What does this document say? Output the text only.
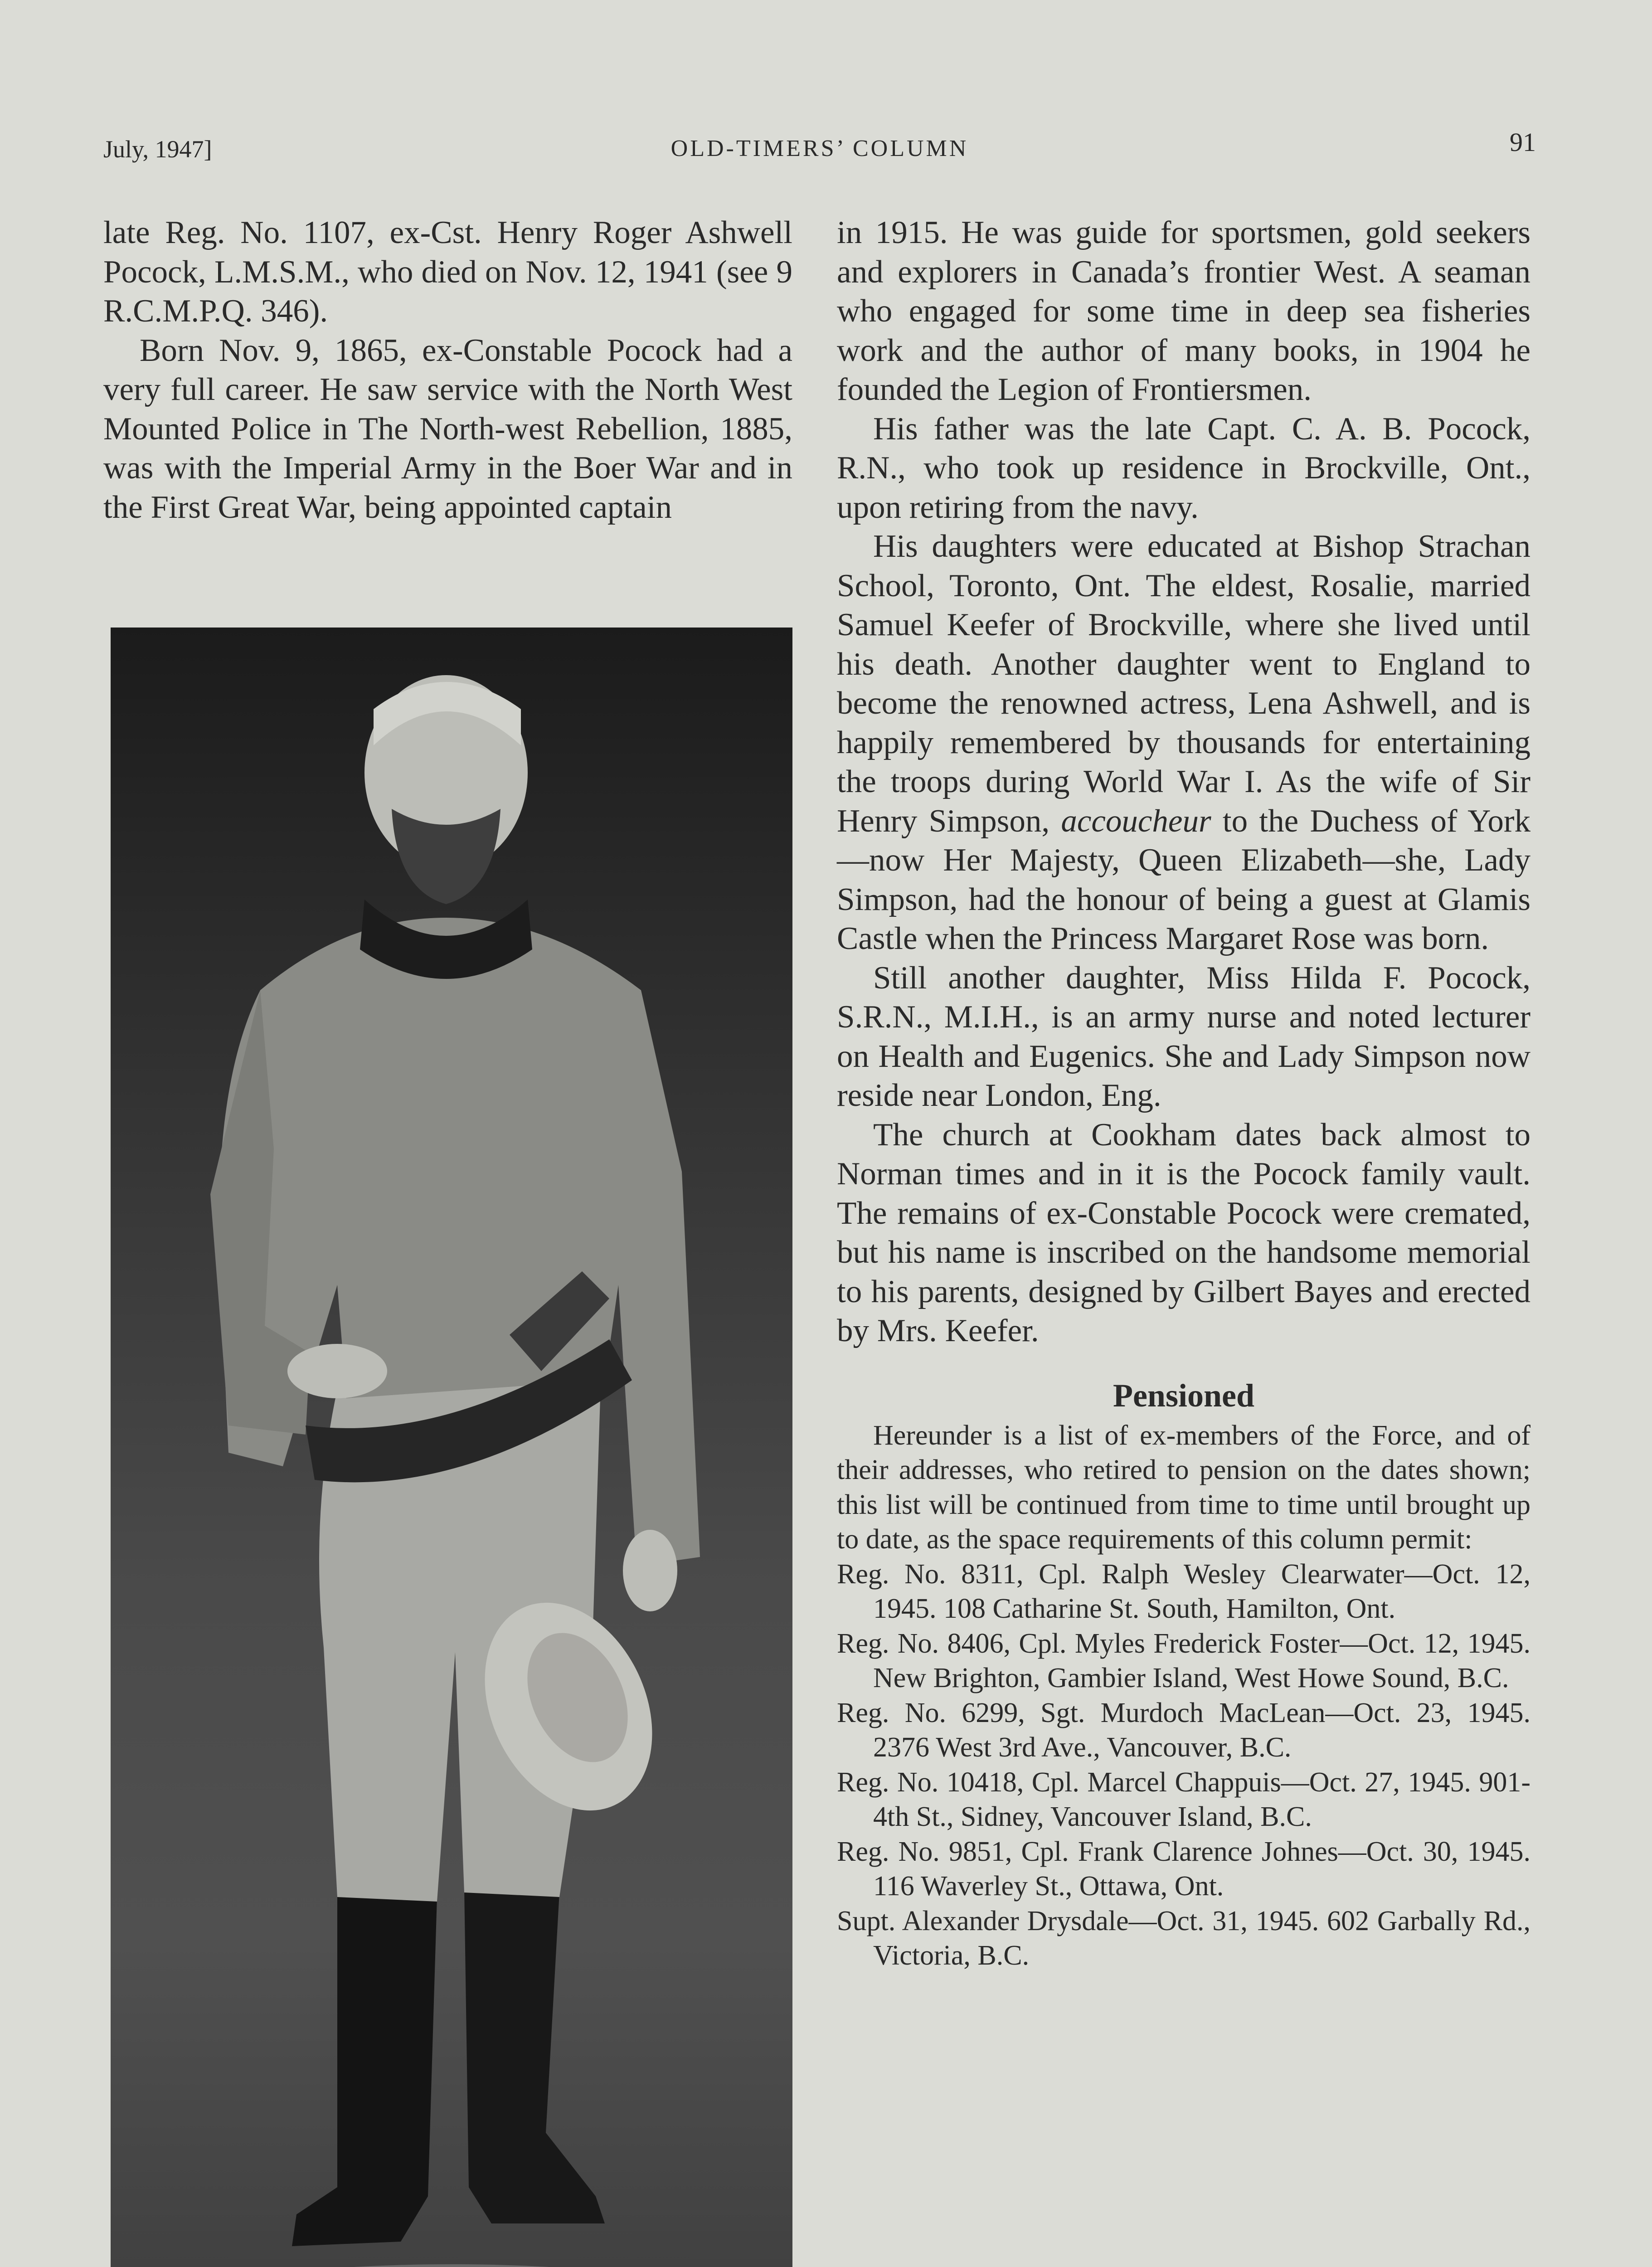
July, 1947]	OLD-TIMERS’ COLUMN	91

late Reg. No. 1107, ex-Cst. Henry Roger Ashwell Pocock, L.M.S.M., who died on Nov. 12, 1941 (see 9 R.C.M.P.Q. 346).

Born Nov. 9, 1865, ex-Constable Pocock had a very full career. He saw service with the North West Mounted Police in The North-west Rebellion, 1885, was with the Imperial Army in the Boer War and in the First Great War, being appointed captain

in 1915. He was guide for sportsmen, gold seekers and explorers in Canada’s frontier West. A seaman who engaged for some time in deep sea fisheries work and the author of many books, in 1904 he founded the Legion of Frontiersmen.

His father was the late Capt. C. A. B. Pocock, R.N., who took up residence in Brockville, Ont., upon retiring from the navy.

His daughters were educated at Bishop Strachan School, Toronto, Ont. The eldest, Rosalie, married Samuel Keefer of Brockville, where she lived until his death. Another daughter went to England to become the renowned actress, Lena Ashwell, and is happily remembered by thousands for entertaining the troops during World War I. As the wife of Sir Henry Simpson, accoucheur to the Duchess of York—now Her Majesty, Queen Elizabeth—she, Lady Simpson, had the honour of being a guest at Glamis Castle when the Princess Margaret Rose was born.

Still another daughter, Miss Hilda F. Pocock, S.R.N., M.I.H., is an army nurse and noted lecturer on Health and Eugenics. She and Lady Simpson now reside near London, Eng.

The church at Cookham dates back almost to Norman times and in it is the Pocock family vault. The remains of ex-Constable Pocock were cremated, but his name is inscribed on the handsome memorial to his parents, designed by Gilbert Bayes and erected by Mrs. Keefer.

Pensioned

Hereunder is a list of ex-members of the Force, and of their addresses, who retired to pension on the dates shown; this list will be continued from time to time until brought up to date, as the space requirements of this column permit:

Reg. No. 8311, Cpl. Ralph Wesley Clearwater—Oct. 12, 1945. 108 Catharine St. South, Hamilton, Ont.

Reg. No. 8406, Cpl. Myles Frederick Foster—Oct. 12, 1945. New Brighton, Gambier Island, West Howe Sound, B.C.

Reg. No. 6299, Sgt. Murdoch MacLean—Oct. 23, 1945. 2376 West 3rd Ave., Vancouver, B.C.

Reg. No. 10418, Cpl. Marcel Chappuis—Oct. 27, 1945. 901-4th St., Sidney, Vancouver Island, B.C.

Reg. No. 9851, Cpl. Frank Clarence Johnes—Oct. 30, 1945. 116 Waverley St., Ottawa, Ont.

Supt. Alexander Drysdale—Oct. 31, 1945. 602 Garbally Rd., Victoria, B.C.
